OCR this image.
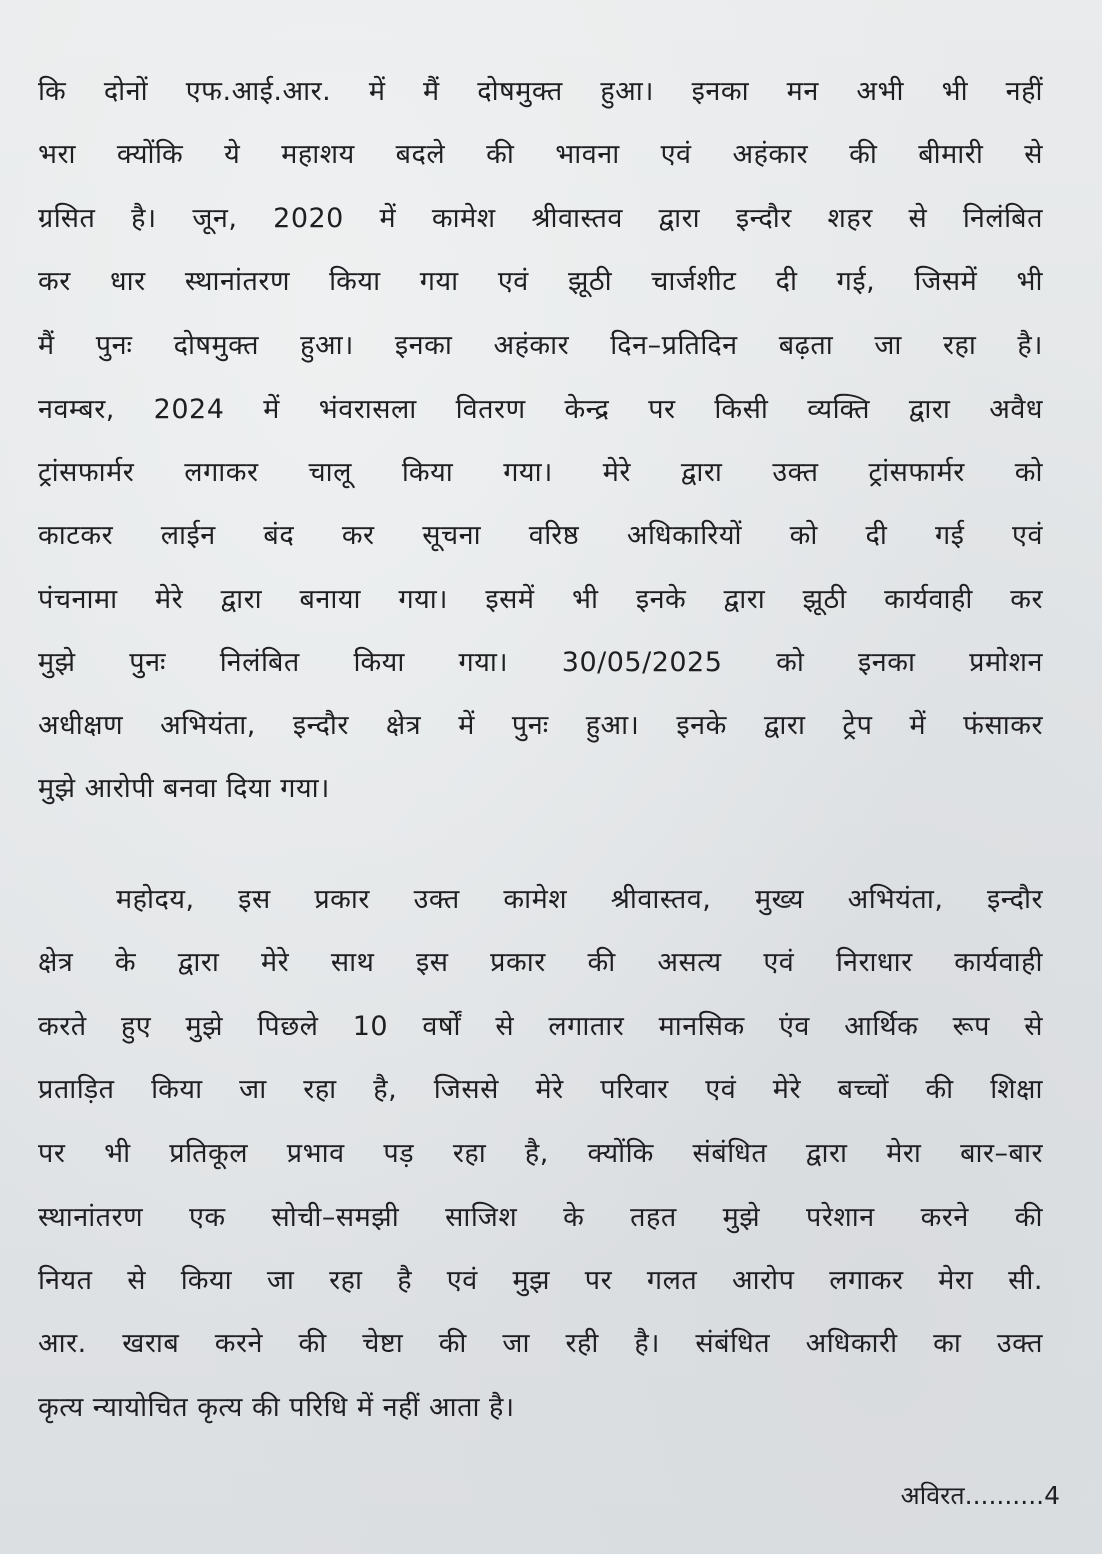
कि दोनों एफ.आई.आर. में मैं दोषमुक्त हुआ। इनका मन अभी भी नहीं
भरा क्योंकि ये महाशय बदले की भावना एवं अहंकार की बीमारी से
ग्रसित है। जून, 2020 में कामेश श्रीवास्तव द्वारा इन्दौर शहर से निलंबित
कर धार स्थानांतरण किया गया एवं झूठी चार्जशीट दी गई, जिसमें भी
मैं पुनः दोषमुक्त हुआ। इनका अहंकार दिन–प्रतिदिन बढ़ता जा रहा है।
नवम्बर, 2024 में भंवरासला वितरण केन्द्र पर किसी व्यक्ति द्वारा अवैध
ट्रांसफार्मर लगाकर चालू किया गया। मेरे द्वारा उक्त ट्रांसफार्मर को
काटकर लाईन बंद कर सूचना वरिष्ठ अधिकारियों को दी गई एवं
पंचनामा मेरे द्वारा बनाया गया। इसमें भी इनके द्वारा झूठी कार्यवाही कर
मुझे पुनः निलंबित किया गया। 30/05/2025 को इनका प्रमोशन
अधीक्षण अभियंता, इन्दौर क्षेत्र में पुनः हुआ। इनके द्वारा ट्रेप में फंसाकर
मुझे आरोपी बनवा दिया गया।
महोदय, इस प्रकार उक्त कामेश श्रीवास्तव, मुख्य अभियंता, इन्दौर
क्षेत्र के द्वारा मेरे साथ इस प्रकार की असत्य एवं निराधार कार्यवाही
करते हुए मुझे पिछले 10 वर्षों से लगातार मानसिक एंव आर्थिक रूप से
प्रताड़ित किया जा रहा है, जिससे मेरे परिवार एवं मेरे बच्चों की शिक्षा
पर भी प्रतिकूल प्रभाव पड़ रहा है, क्योंकि संबंधित द्वारा मेरा बार–बार
स्थानांतरण एक सोची–समझी साजिश के तहत मुझे परेशान करने की
नियत से किया जा रहा है एवं मुझ पर गलत आरोप लगाकर मेरा सी.
आर. खराब करने की चेष्टा की जा रही है। संबंधित अधिकारी का उक्त
कृत्य न्यायोचित कृत्य की परिधि में नहीं आता है।
अविरत..........4
